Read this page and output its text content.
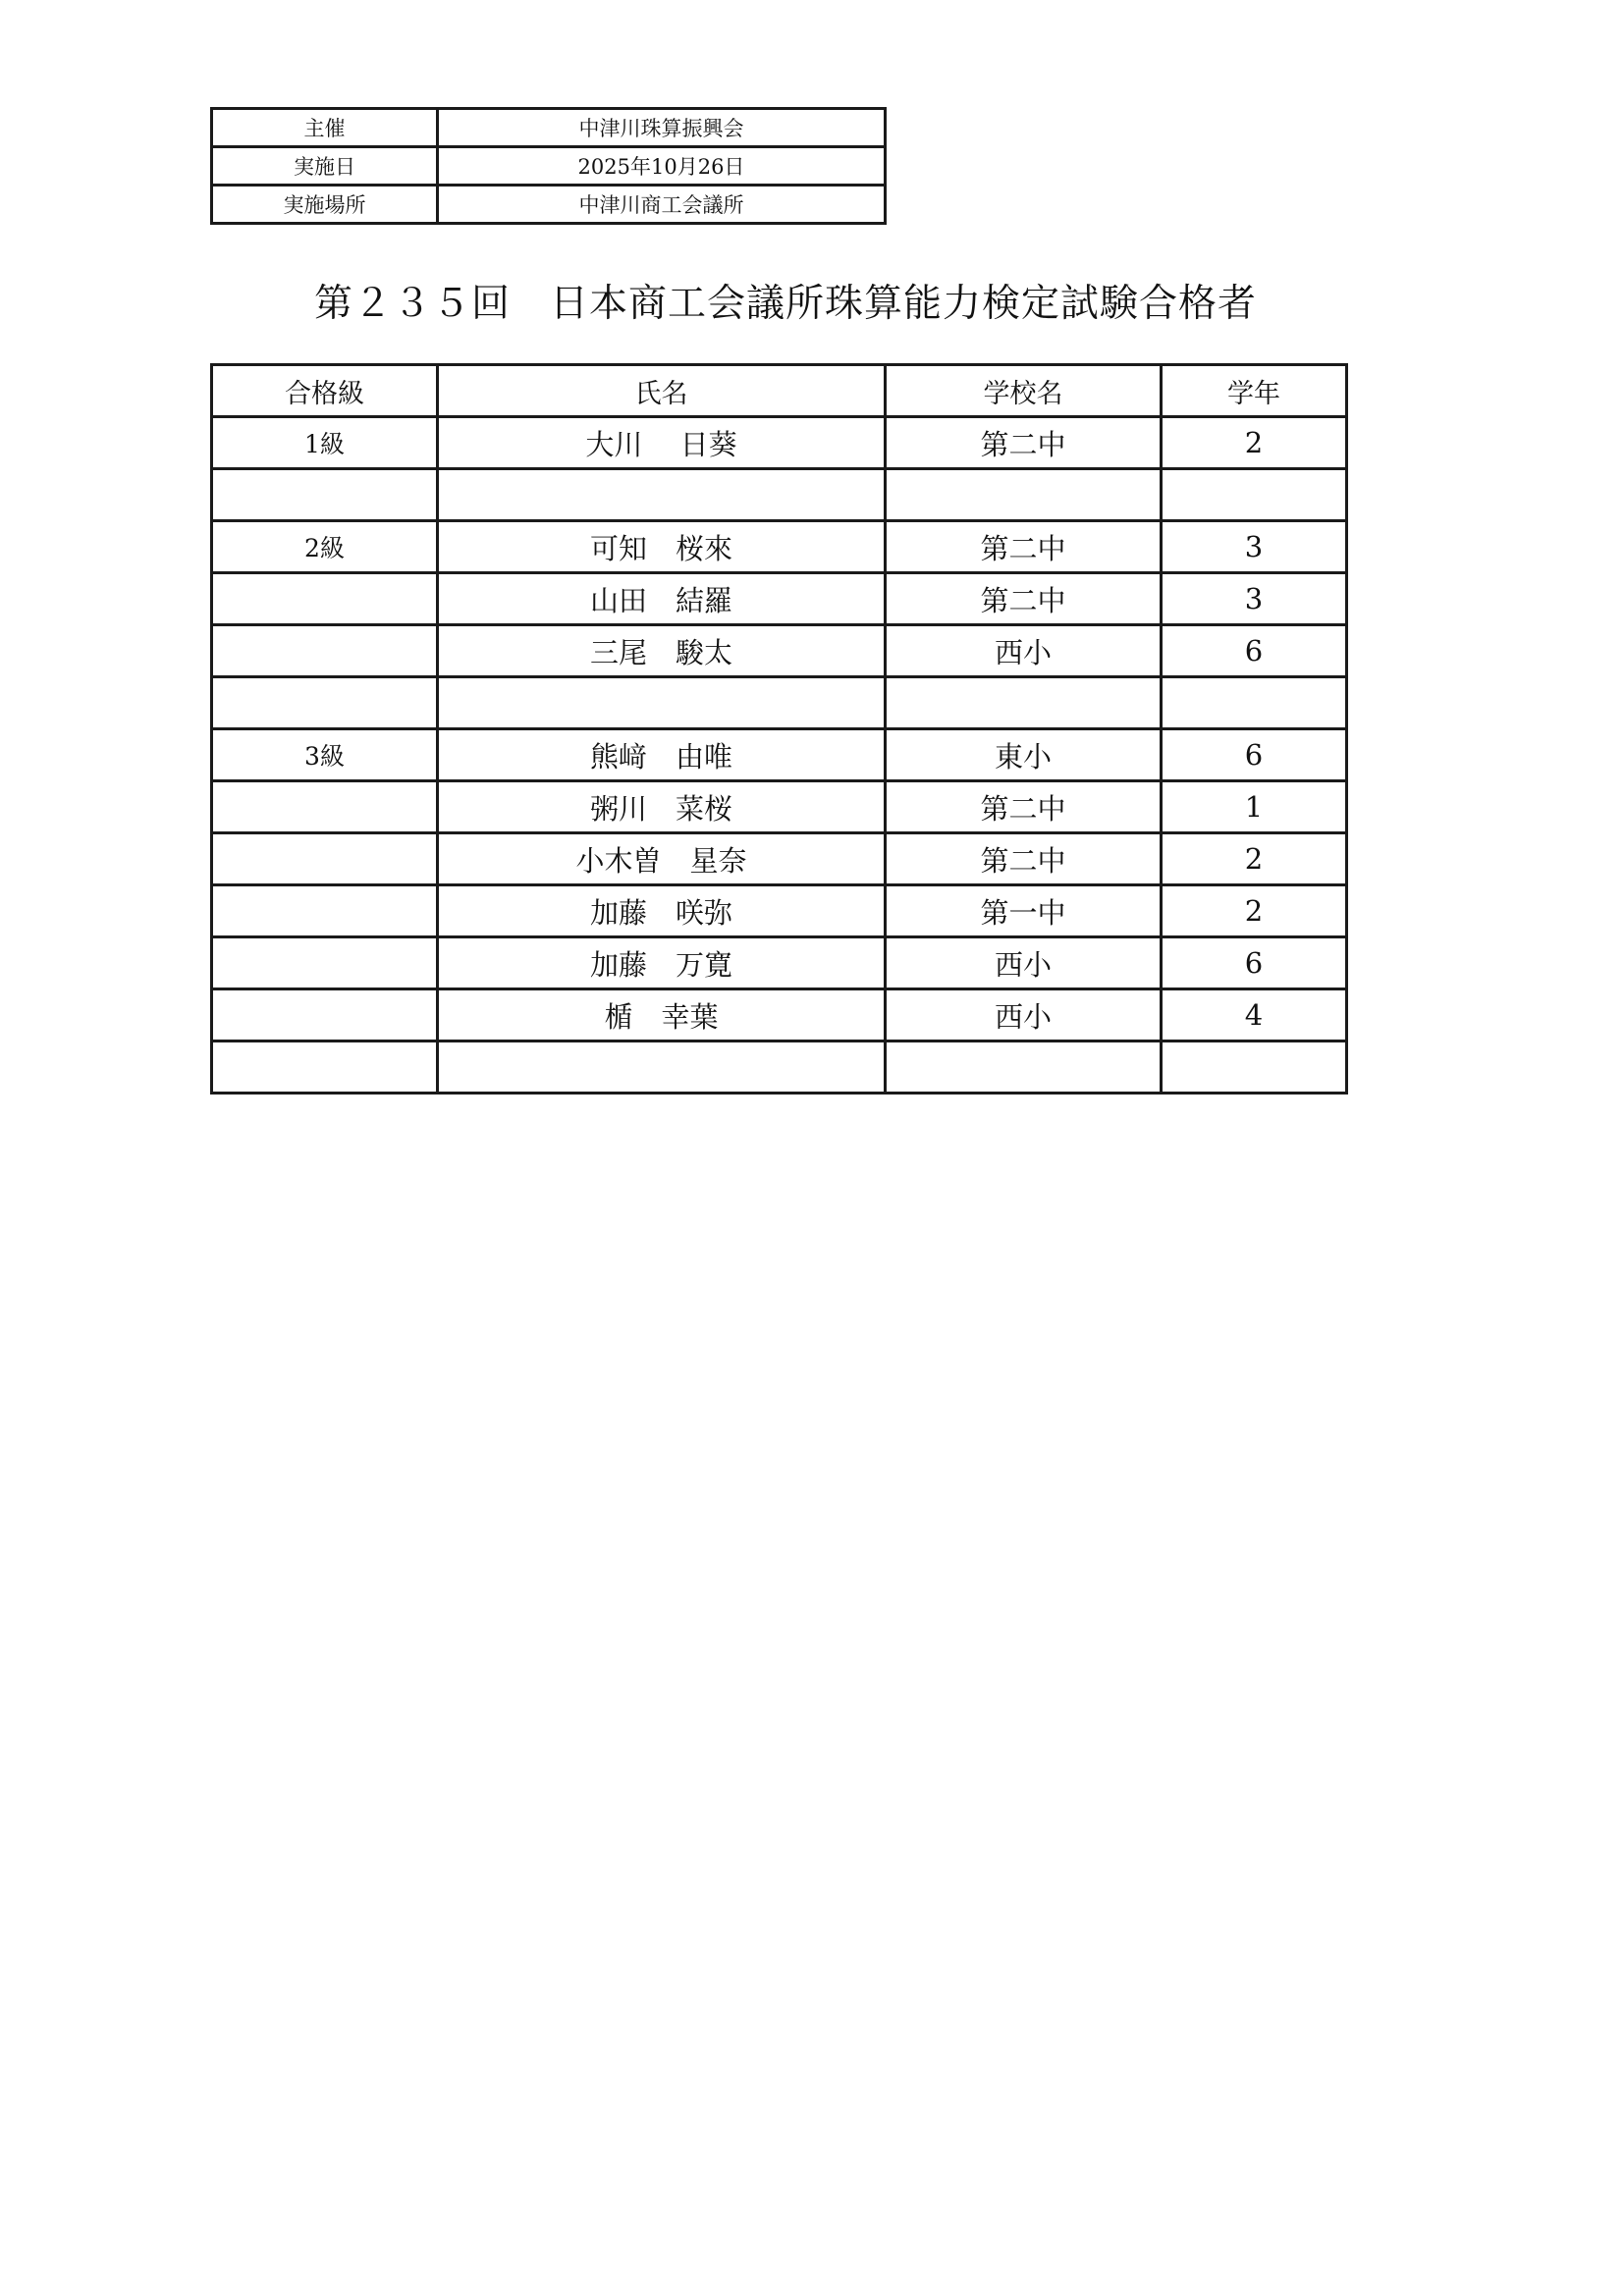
主催	中津川珠算振興会
実施日	2025年10月26日
実施場所	中津川商工会議所
第２３５回　日本商工会議所珠算能力検定試験合格者
合格級	氏名	学校名	学年
1級	大川　 日葵	第二中	2

2級	可知　桜來	第二中	3
	山田　結羅	第二中	3
	三尾　駿太	西小	6

3級	熊﨑　由唯	東小	6
	粥川　菜桜	第二中	1
	小木曽　星奈	第二中	2
	加藤　咲弥	第一中	2
	加藤　万寛	西小	6
	楯　幸葉	西小	4
